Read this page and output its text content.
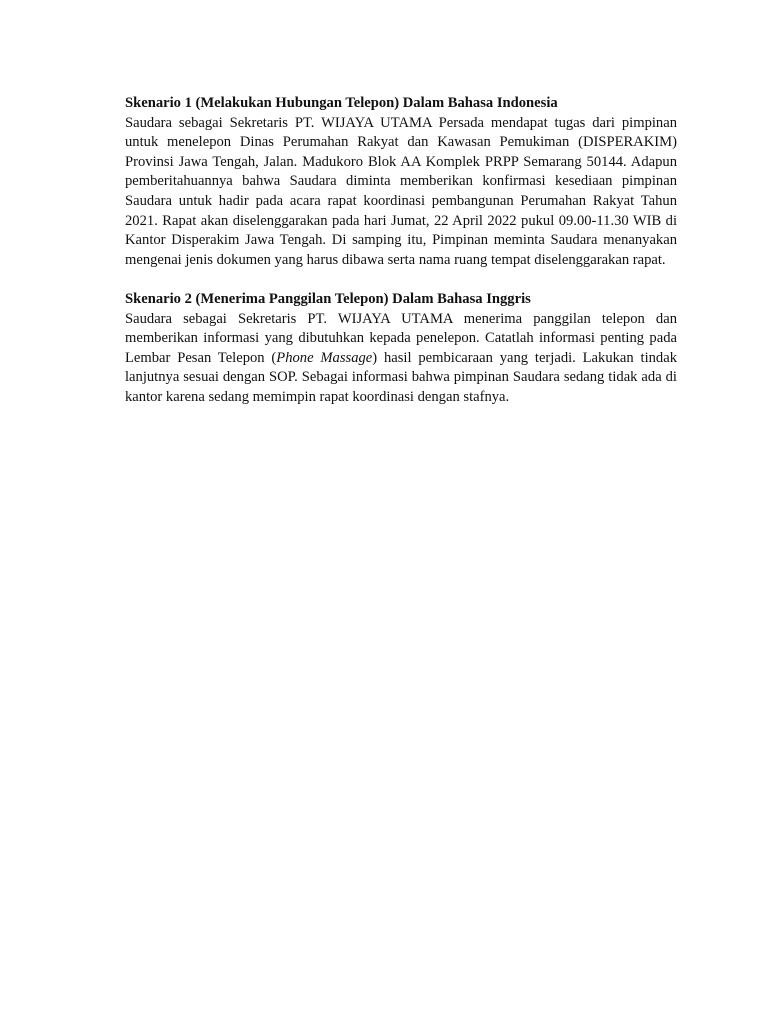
Skenario 1 (Melakukan Hubungan Telepon) Dalam Bahasa Indonesia

Saudara sebagai Sekretaris PT. WIJAYA UTAMA Persada mendapat tugas dari pimpinan untuk menelepon Dinas Perumahan Rakyat dan Kawasan Pemukiman (DISPERAKIM) Provinsi Jawa Tengah, Jalan. Madukoro Blok AA Komplek PRPP Semarang 50144. Adapun pemberitahuannya bahwa Saudara diminta memberikan konfirmasi kesediaan pimpinan Saudara untuk hadir pada acara rapat koordinasi pembangunan Perumahan Rakyat Tahun 2021. Rapat akan diselenggarakan pada hari Jumat, 22 April 2022 pukul 09.00-11.30 WIB di Kantor Disperakim Jawa Tengah. Di samping itu, Pimpinan meminta Saudara menanyakan mengenai jenis dokumen yang harus dibawa serta nama ruang tempat diselenggarakan rapat.

Skenario 2 (Menerima Panggilan Telepon) Dalam Bahasa Inggris

Saudara sebagai Sekretaris PT. WIJAYA UTAMA menerima panggilan telepon dan memberikan informasi yang dibutuhkan kepada penelepon. Catatlah informasi penting pada Lembar Pesan Telepon (Phone Massage) hasil pembicaraan yang terjadi. Lakukan tindak lanjutnya sesuai dengan SOP. Sebagai informasi bahwa pimpinan Saudara sedang tidak ada di kantor karena sedang memimpin rapat koordinasi dengan stafnya.
